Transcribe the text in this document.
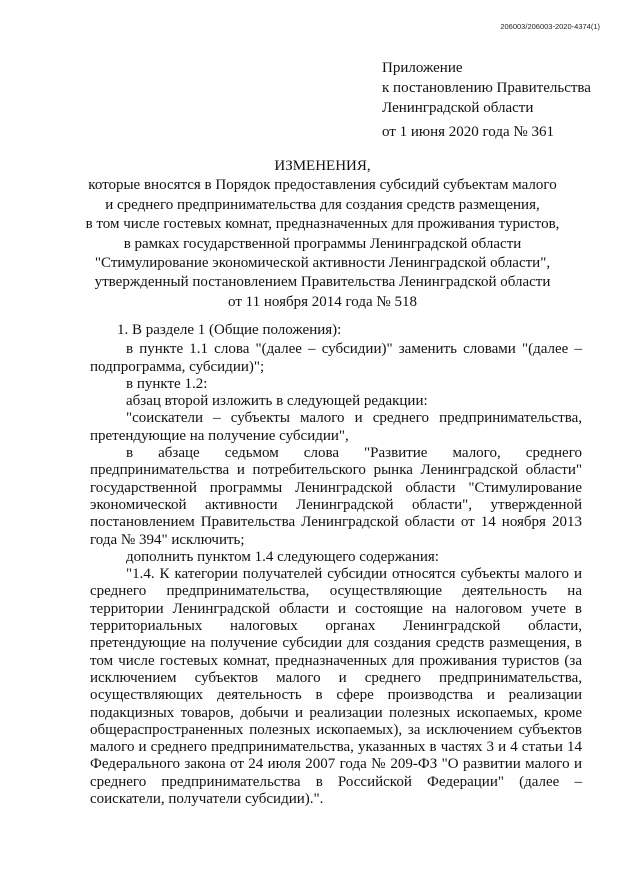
206003/206003-2020-4374(1)
Приложение
к постановлению Правительства
Ленинградской области
от 1 июня 2020 года № 361
ИЗМЕНЕНИЯ,
которые вносятся в Порядок предоставления субсидий субъектам малого
и среднего предпринимательства для создания средств размещения,
в том числе гостевых комнат, предназначенных для проживания туристов,
в рамках государственной программы Ленинградской области
"Стимулирование экономической активности Ленинградской области",
утвержденный постановлением Правительства Ленинградской области
от 11 ноября 2014 года № 518

1. В разделе 1 (Общие положения):

в пункте 1.1 слова "(далее – субсидии)" заменить словами "(далее – подпрограмма, субсидии)";

в пункте 1.2:

абзац второй изложить в следующей редакции:

"соискатели – субъекты малого и среднего предпринимательства, претендующие на получение субсидии",

в абзаце седьмом слова "Развитие малого, среднего предпринимательства и потребительского рынка Ленинградской области" государственной программы Ленинградской области "Стимулирование экономической активности Ленинградской области", утвержденной постановлением Правительства Ленинградской области от 14 ноября 2013 года № 394" исключить;

дополнить пунктом 1.4 следующего содержания:

"1.4. К категории получателей субсидии относятся субъекты малого и среднего предпринимательства, осуществляющие деятельность на территории Ленинградской области и состоящие на налоговом учете в территориальных налоговых органах Ленинградской области, претендующие на получение субсидии для создания средств размещения, в том числе гостевых комнат, предназначенных для проживания туристов (за исключением субъектов малого и среднего предпринимательства, осуществляющих деятельность в сфере производства и реализации подакцизных товаров, добычи и реализации полезных ископаемых, кроме общераспространенных полезных ископаемых), за исключением субъектов малого и среднего предпринимательства, указанных в частях 3 и 4 статьи 14 Федерального закона от 24 июля 2007 года № 209-ФЗ "О развитии малого и среднего предпринимательства в Российской Федерации" (далее – соискатели, получатели субсидии).".
